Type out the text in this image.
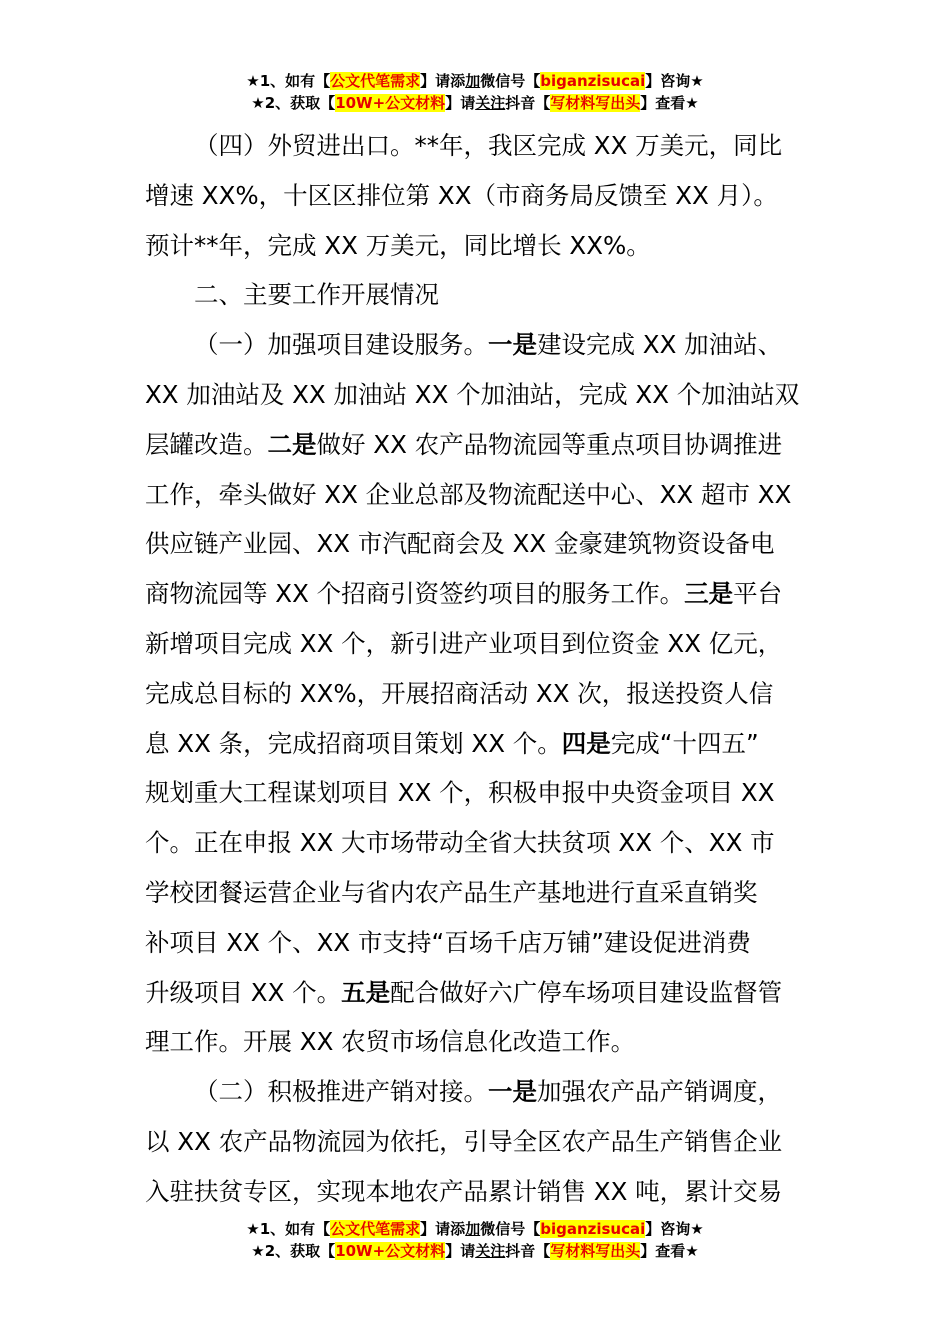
★1、如有【公文代笔需求】请添加微信号【biganzisucai】咨询★
★2、获取【10W+公文材料】请关注抖音【写材料写出头】查看★

（四）外贸进出口。**年，我区完成 XX 万美元，同比
增速 XX%，十区区排位第 XX（市商务局反馈至 XX 月）。
预计**年，完成 XX 万美元，同比增长 XX%。

二、主要工作开展情况

（一）加强项目建设服务。一是建设完成 XX 加油站、
XX 加油站及 XX 加油站 XX 个加油站，完成 XX 个加油站双
层罐改造。二是做好 XX 农产品物流园等重点项目协调推进
工作，牵头做好 XX 企业总部及物流配送中心、XX 超市 XX
供应链产业园、XX 市汽配商会及 XX 金豪建筑物资设备电
商物流园等 XX 个招商引资签约项目的服务工作。三是平台
新增项目完成 XX 个，新引进产业项目到位资金 XX 亿元，
完成总目标的 XX%，开展招商活动 XX 次，报送投资人信
息 XX 条，完成招商项目策划 XX 个。四是完成“十四五”
规划重大工程谋划项目 XX 个，积极申报中央资金项目 XX
个。正在申报 XX 大市场带动全省大扶贫项 XX 个、XX 市
学校团餐运营企业与省内农产品生产基地进行直采直销奖
补项目 XX 个、XX 市支持“百场千店万铺”建设促进消费
升级项目 XX 个。五是配合做好六广停车场项目建设监督管
理工作。开展 XX 农贸市场信息化改造工作。

（二）积极推进产销对接。一是加强农产品产销调度，
以 XX 农产品物流园为依托，引导全区农产品生产销售企业
入驻扶贫专区，实现本地农产品累计销售 XX 吨，累计交易

★1、如有【公文代笔需求】请添加微信号【biganzisucai】咨询★
★2、获取【10W+公文材料】请关注抖音【写材料写出头】查看★
